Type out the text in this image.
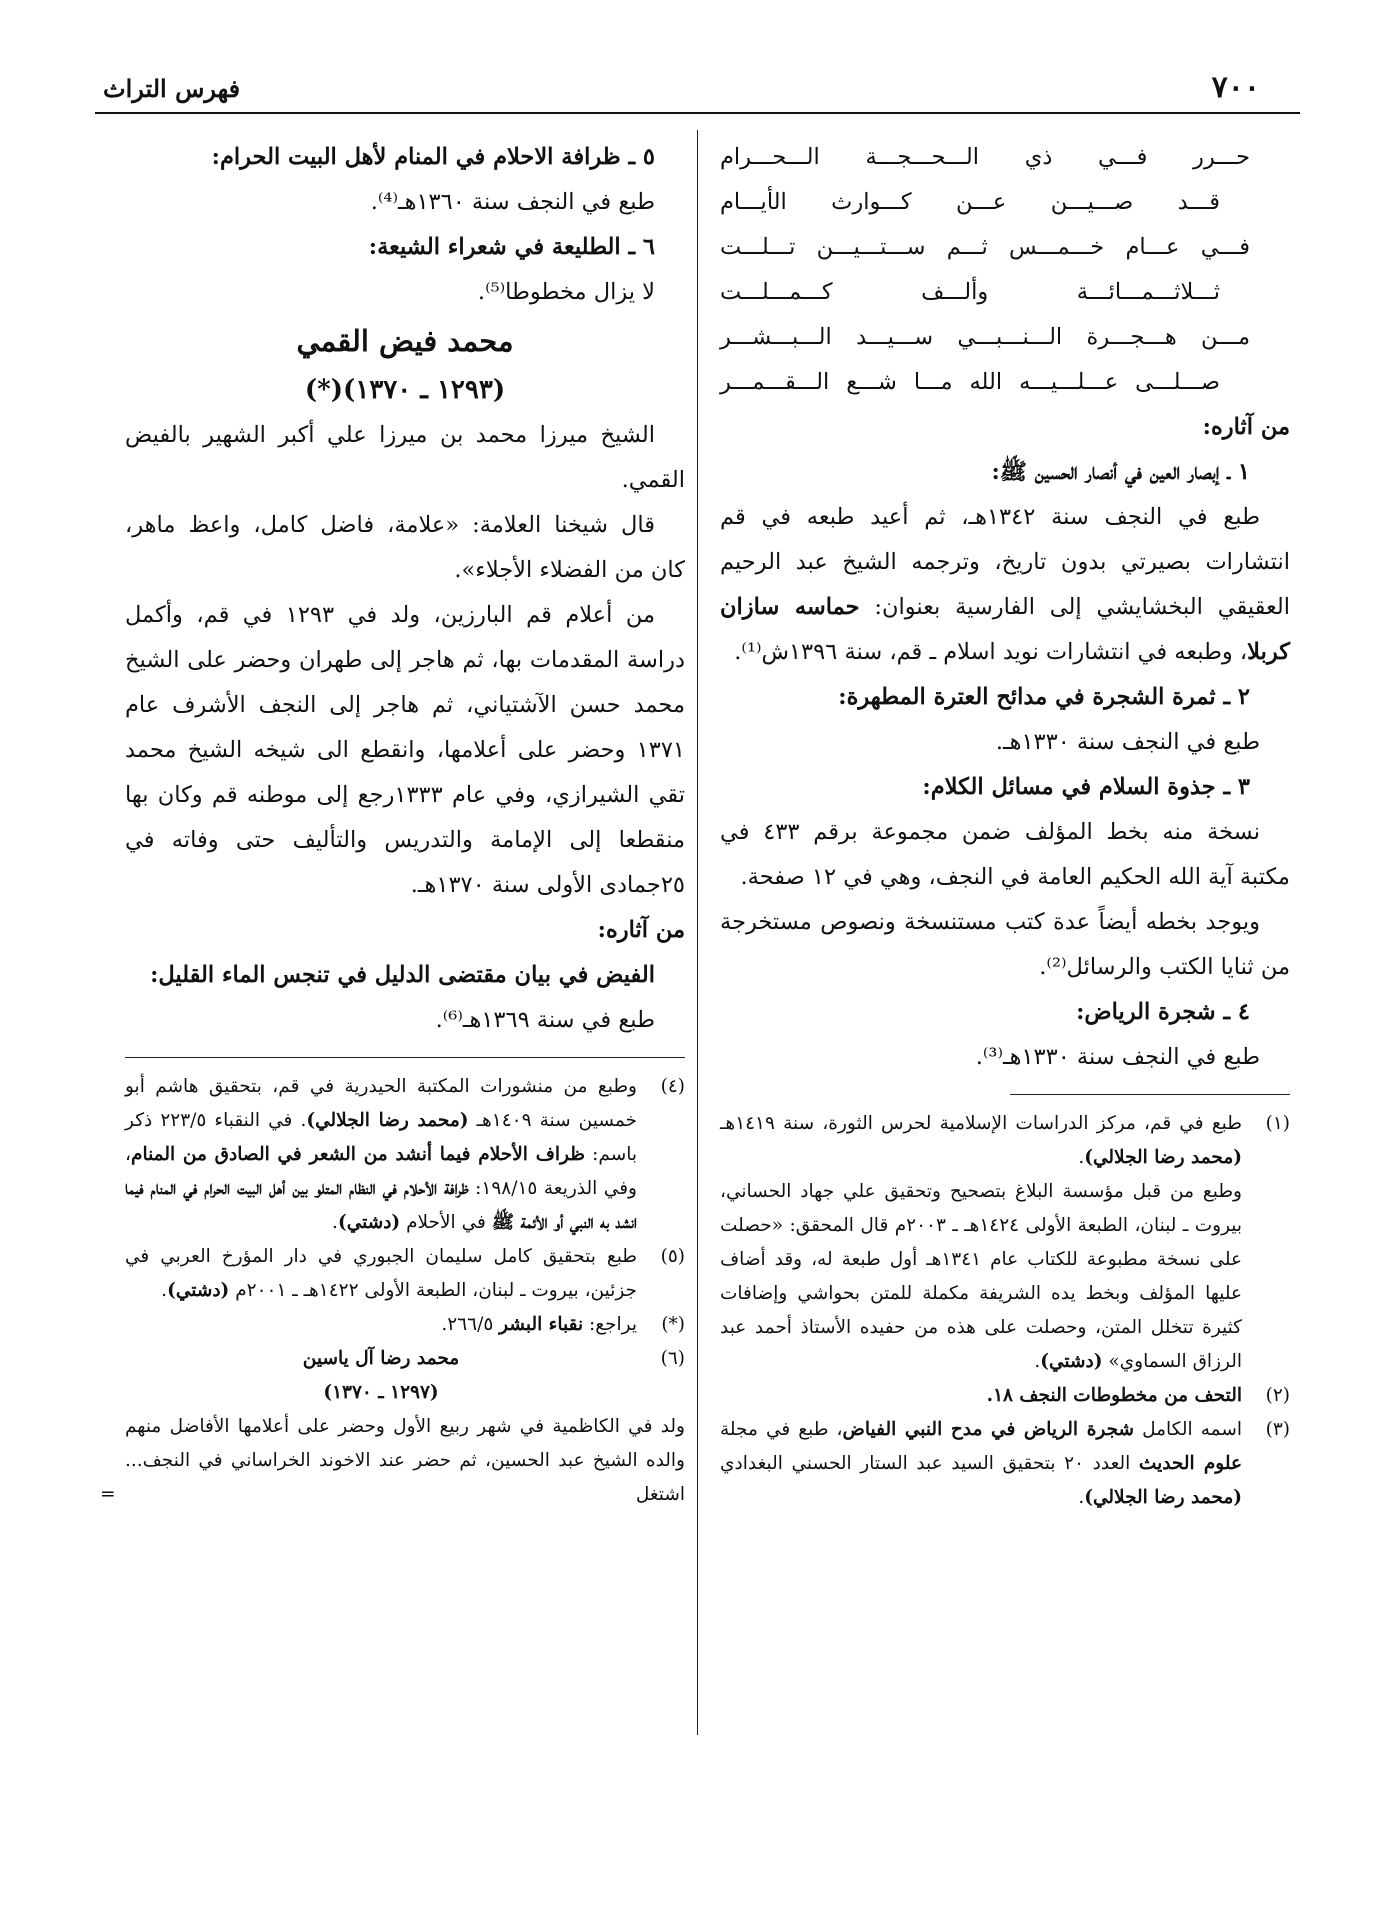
٧٠٠
فهرس التراث

حـــرر فـــي ذي الـــحـــجـــة الـــحـــرام

قـــد صـــيـــن عـــن كـــوارث الأيـــام

فـــي عـــام خـــمـــس ثـــم ســـتـــيـــن تـــلـــت

ثـــلاثـــمـــائـــة وألـــف كـــمـــلـــت

مـــن هـــجـــرة الـــنـــبـــي ســـيـــد الـــبـــشـــر

صـــلـــى عـــلـــيـــه الله مـــا شـــع الـــقـــمـــر

من آثاره:

١ ـ إبصار العين في أنصار الحسين ﷺ:

طبع في النجف سنة ١٣٤٢هـ، ثم أعيد طبعه في قم انتشارات بصيرتي بدون تاريخ، وترجمه الشيخ عبد الرحيم العقيقي البخشايشي إلى الفارسية بعنوان: حماسه سازان كربلا، وطبعه في انتشارات نويد اسلام ـ قم، سنة ١٣٩٦ش⁽¹⁾.

٢ ـ ثمرة الشجرة في مدائح العترة المطهرة:

طبع في النجف سنة ١٣٣٠هـ.

٣ ـ جذوة السلام في مسائل الكلام:

نسخة منه بخط المؤلف ضمن مجموعة برقم ٤٣٣ في مكتبة آية الله الحكيم العامة في النجف، وهي في ١٢ صفحة.

ويوجد بخطه أيضاً عدة كتب مستنسخة ونصوص مستخرجة من ثنايا الكتب والرسائل⁽²⁾.

٤ ـ شجرة الرياض:

طبع في النجف سنة ١٣٣٠هـ⁽³⁾.

(١)
طبع في قم، مركز الدراسات الإسلامية لحرس الثورة، سنة ١٤١٩هـ (محمد رضا الجلالي).
وطبع من قبل مؤسسة البلاغ بتصحيح وتحقيق علي جهاد الحساني، بيروت ـ لبنان، الطبعة الأولى ١٤٢٤هـ ـ ٢٠٠٣م قال المحقق: «حصلت على نسخة مطبوعة للكتاب عام ١٣٤١هـ أول طبعة له، وقد أضاف عليها المؤلف وبخط يده الشريفة مكملة للمتن بحواشي وإضافات كثيرة تتخلل المتن، وحصلت على هذه من حفيده الأستاذ أحمد عبد الرزاق السماوي» (دشتي).
(٢)
التحف من مخطوطات النجف ١٨.
(٣)
اسمه الكامل شجرة الرياض في مدح النبي الفياض، طبع في مجلة علوم الحديث العدد ٢٠ بتحقيق السيد عبد الستار الحسني البغدادي (محمد رضا الجلالي).

٥ ـ ظرافة الاحلام في المنام لأهل البيت الحرام:

طبع في النجف سنة ١٣٦٠هـ⁽⁴⁾.

٦ ـ الطليعة في شعراء الشيعة:

لا يزال مخطوطا⁽⁵⁾.

محمد فيض القمي

(١٢٩٣ ـ ١٣٧٠)(*)

الشيخ ميرزا محمد بن ميرزا علي أكبر الشهير بالفيض القمي.

قال شيخنا العلامة: «علامة، فاضل كامل، واعظ ماهر، كان من الفضلاء الأجلاء».

من أعلام قم البارزين، ولد في ١٢٩٣ في قم، وأكمل دراسة المقدمات بها، ثم هاجر إلى طهران وحضر على الشيخ محمد حسن الآشتياني، ثم هاجر إلى النجف الأشرف عام ١٣٧١ وحضر على أعلامها، وانقطع الى شيخه الشيخ محمد تقي الشيرازي، وفي عام ١٣٣٣رجع إلى موطنه قم وكان بها منقطعا إلى الإمامة والتدريس والتأليف حتى وفاته في ٢٥جمادى الأولى سنة ١٣٧٠هـ.

من آثاره:

الفيض في بيان مقتضى الدليل في تنجس الماء القليل:

طبع في سنة ١٣٦٩هـ⁽⁶⁾.

(٤)
وطبع من منشورات المكتبة الحيدرية في قم، بتحقيق هاشم أبو خمسين سنة ١٤٠٩هـ (محمد رضا الجلالي). في النقباء ٢٢٣/٥ ذكر باسم: ظراف الأحلام فيما أنشد من الشعر في الصادق من المنام، وفي الذريعة ١٩٨/١٥: ظرافة الأحلام في النظام المتلو بين أهل البيت الحرام في المنام فيما انشد به النبي أو الأئمة ﷺ في الأحلام (دشتي).
(٥)
طبع بتحقيق كامل سليمان الجبوري في دار المؤرخ العربي في جزئين، بيروت ـ لبنان، الطبعة الأولى ١٤٢٢هـ ـ ٢٠٠١م (دشتي).
(*)
يراجع: نقباء البشر ٢٦٦/٥.
(٦)
محمد رضا آل ياسين
(١٢٩٧ ـ ١٣٧٠)
ولد في الكاظمية في شهر ربيع الأول وحضر على أعلامها الأفاضل منهم والده الشيخ عبد الحسين، ثم حضر عند الاخوند الخراساني في النجف... اشتغل
=
